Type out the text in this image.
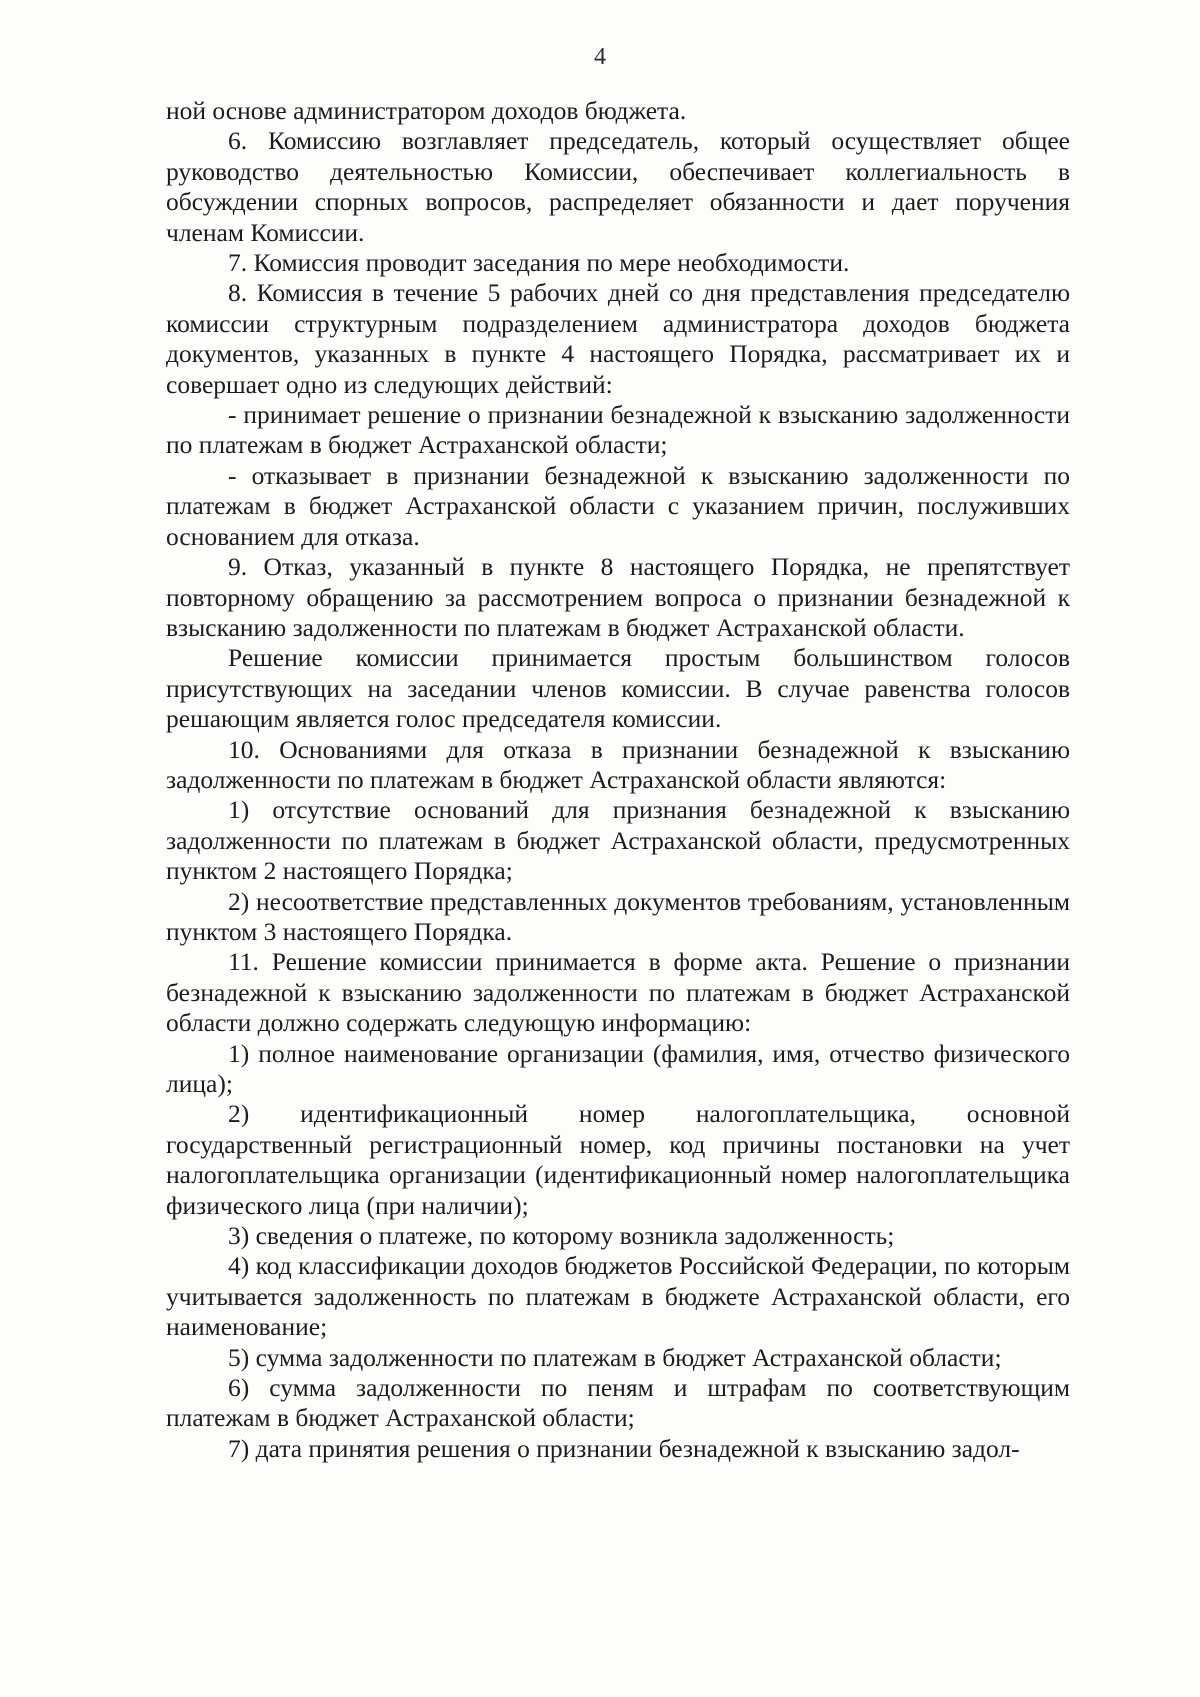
4

ной основе администратором доходов бюджета.

6. Комиссию возглавляет председатель, который осуществляет общее руководство деятельностью Комиссии, обеспечивает коллегиальность в обсуждении спорных вопросов, распределяет обязанности и дает поручения членам Комиссии.

7. Комиссия проводит заседания по мере необходимости.

8. Комиссия в течение 5 рабочих дней со дня представления председателю комиссии структурным подразделением администратора доходов бюджета документов, указанных в пункте 4 настоящего Порядка, рассматривает их и совершает одно из следующих действий:

- принимает решение о признании безнадежной к взысканию задолженности по платежам в бюджет Астраханской области;

- отказывает в признании безнадежной к взысканию задолженности по платежам в бюджет Астраханской области с указанием причин, послуживших основанием для отказа.

9. Отказ, указанный в пункте 8 настоящего Порядка, не препятствует повторному обращению за рассмотрением вопроса о признании безнадежной к взысканию задолженности по платежам в бюджет Астраханской области.

Решение комиссии принимается простым большинством голосов присутствующих на заседании членов комиссии. В случае равенства голосов решающим является голос председателя комиссии.

10. Основаниями для отказа в признании безнадежной к взысканию задолженности по платежам в бюджет Астраханской области являются:

1) отсутствие оснований для признания безнадежной к взысканию задолженности по платежам в бюджет Астраханской области, предусмотренных пунктом 2 настоящего Порядка;

2) несоответствие представленных документов требованиям, установленным пунктом 3 настоящего Порядка.

11. Решение комиссии принимается в форме акта. Решение о признании безнадежной к взысканию задолженности по платежам в бюджет Астраханской области должно содержать следующую информацию:

1) полное наименование организации (фамилия, имя, отчество физического лица);

2) идентификационный номер налогоплательщика, основной государственный регистрационный номер, код причины постановки на учет налогоплательщика организации (идентификационный номер налогоплательщика физического лица (при наличии);

3) сведения о платеже, по которому возникла задолженность;

4) код классификации доходов бюджетов Российской Федерации, по которым учитывается задолженность по платежам в бюджете Астраханской области, его наименование;

5) сумма задолженности по платежам в бюджет Астраханской области;

6) сумма задолженности по пеням и штрафам по соответствующим платежам в бюджет Астраханской области;

7) дата принятия решения о признании безнадежной к взысканию задол-
